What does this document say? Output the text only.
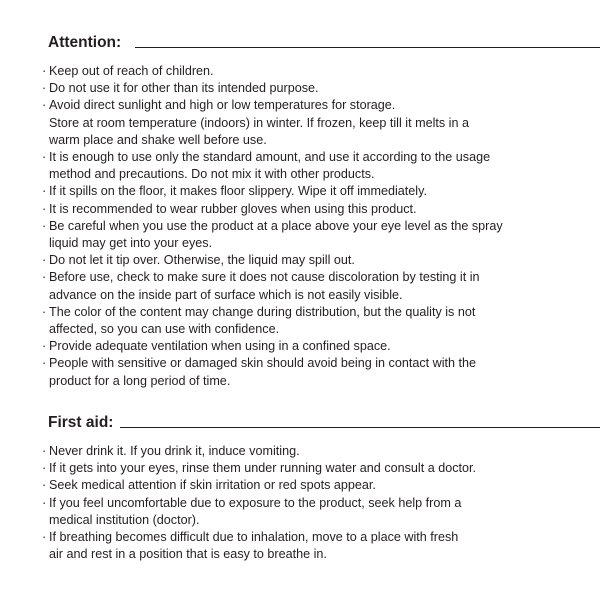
Attention:
· Keep out of reach of children.
· Do not use it for other than its intended purpose.
· Avoid direct sunlight and high or low temperatures for storage.
Store at room temperature (indoors) in winter. If frozen, keep till it melts in a
warm place and shake well before use.
· It is enough to use only the standard amount, and use it according to the usage
method and precautions. Do not mix it with other products.
· If it spills on the floor, it makes floor slippery. Wipe it off immediately.
· It is recommended to wear rubber gloves when using this product.
· Be careful when you use the product at a place above your eye level as the spray
liquid may get into your eyes.
· Do not let it tip over. Otherwise, the liquid may spill out.
· Before use, check to make sure it does not cause discoloration by testing it in
advance on the inside part of surface which is not easily visible.
· The color of the content may change during distribution, but the quality is not
affected, so you can use with confidence.
· Provide adequate ventilation when using in a confined space.
· People with sensitive or damaged skin should avoid being in contact with the
product for a long period of time.
First aid:
· Never drink it. If you drink it, induce vomiting.
· If it gets into your eyes, rinse them under running water and consult a doctor.
· Seek medical attention if skin irritation or red spots appear.
· If you feel uncomfortable due to exposure to the product, seek help from a
medical institution (doctor).
· If breathing becomes difficult due to inhalation, move to a place with fresh
air and rest in a position that is easy to breathe in.
